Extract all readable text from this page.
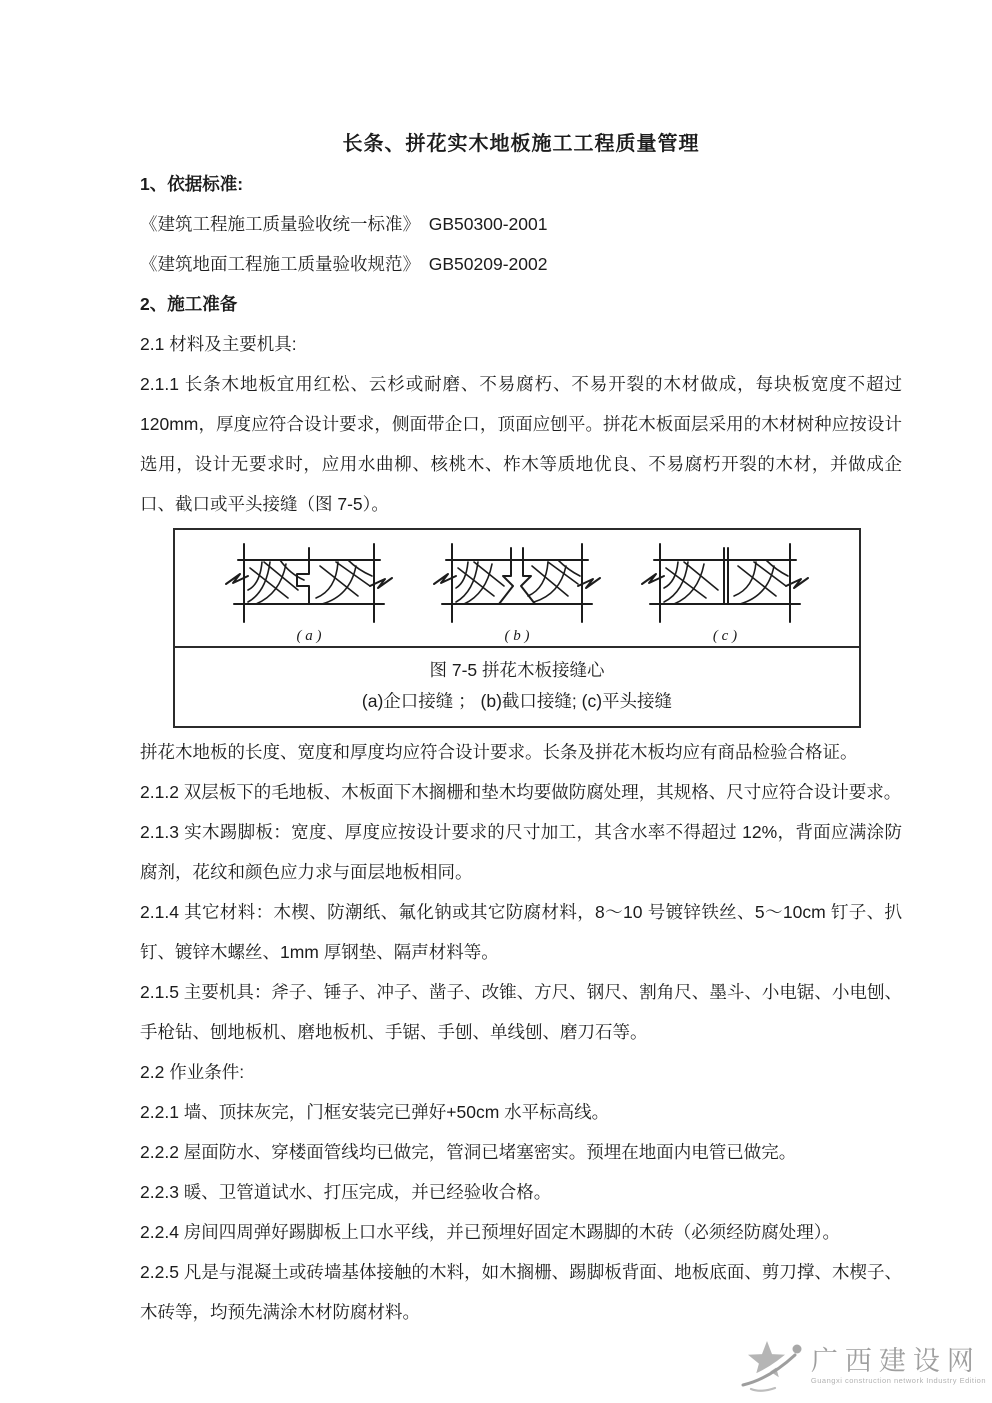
长条、拼花实木地板施工工程质量管理

1、依据标准:

《建筑工程施工质量验收统一标准》　GB50300-2001

《建筑地面工程施工质量验收规范》　GB50209-2002

2、施工准备

2.1 材料及主要机具:

2.1.1 长条木地板宜用红松、云杉或耐磨、不易腐朽、不易开裂的木材做成，每块板宽度不超过 120mm，厚度应符合设计要求，侧面带企口，顶面应刨平。拼花木板面层采用的木材树种应按设计选用，设计无要求时，应用水曲柳、核桃木、柞木等质地优良、不易腐朽开裂的木材，并做成企口、截口或平头接缝（图 7-5）。

( a )	( b )	( c )
图 7-5 拼花木板接缝心
(a)企口接缝 ； (b)截口接缝; (c)平头接缝

拼花木地板的长度、宽度和厚度均应符合设计要求。长条及拼花木板均应有商品检验合格证。

2.1.2 双层板下的毛地板、木板面下木搁栅和垫木均要做防腐处理，其规格、尺寸应符合设计要求。

2.1.3 实木踢脚板：宽度、厚度应按设计要求的尺寸加工，其含水率不得超过 12%，背面应满涂防腐剂，花纹和颜色应力求与面层地板相同。

2.1.4 其它材料：木楔、防潮纸、氟化钠或其它防腐材料，8～10 号镀锌铁丝、5～10cm 钉子、扒钉、镀锌木螺丝、1mm 厚钢垫、隔声材料等。

2.1.5 主要机具：斧子、锤子、冲子、凿子、改锥、方尺、钢尺、割角尺、墨斗、小电锯、小电刨、手枪钻、刨地板机、磨地板机、手锯、手刨、单线刨、磨刀石等。

2.2 作业条件:

2.2.1 墙、顶抹灰完，门框安装完已弹好+50cm 水平标高线。

2.2.2 屋面防水、穿楼面管线均已做完，管洞已堵塞密实。预埋在地面内电管已做完。

2.2.3 暖、卫管道试水、打压完成，并已经验收合格。

2.2.4 房间四周弹好踢脚板上口水平线，并已预埋好固定木踢脚的木砖（必须经防腐处理）。

2.2.5 凡是与混凝土或砖墙基体接触的木料，如木搁栅、踢脚板背面、地板底面、剪刀撑、木楔子、木砖等，均预先满涂木材防腐材料。

广西建设网
Guangxi construction network Industry Edition
